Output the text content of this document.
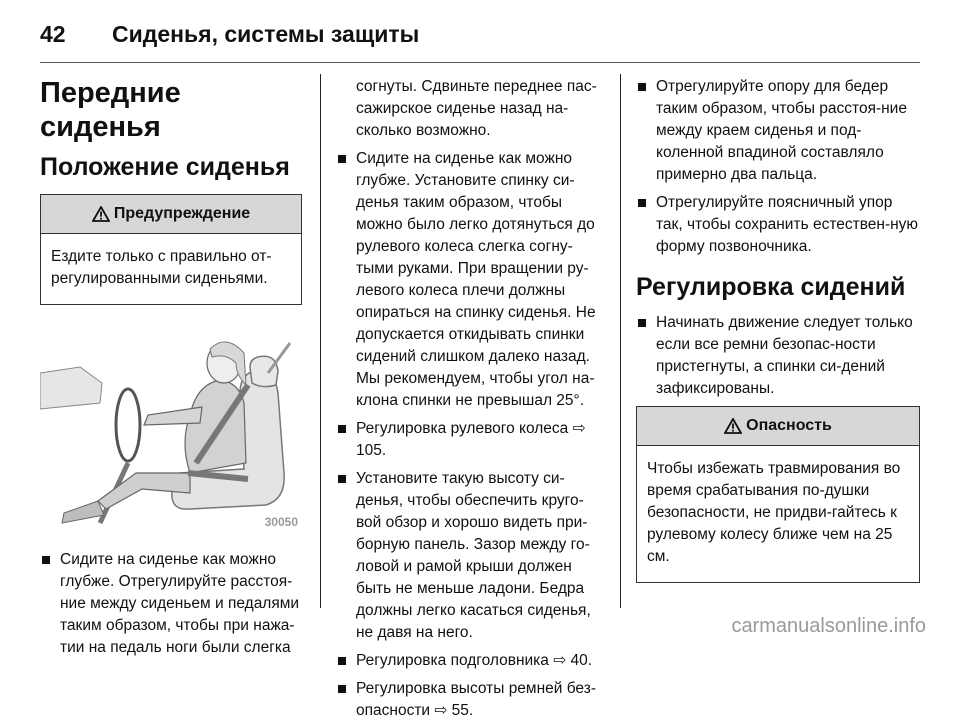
42	Сиденья, системы защиты
Передние сиденья
Положение сиденья
Предупреждение
Ездите только с правильно от-регулированными сиденьями.
30050
Сидите на сиденье как можно глубже. Отрегулируйте расстоя-ние между сиденьем и педалями таким образом, чтобы при нажа-тии на педаль ноги были слегка
согнуты. Сдвиньте переднее пас-сажирское сиденье назад на-сколько возможно.
Сидите на сиденье как можно глубже. Установите спинку си-денья таким образом, чтобы можно было легко дотянуться до рулевого колеса слегка согну-тыми руками. При вращении ру-левого колеса плечи должны опираться на спинку сиденья. Не допускается откидывать спинки сидений слишком далеко назад. Мы рекомендуем, чтобы угол на-клона спинки не превышал 25°.
Регулировка рулевого колеса ⇨ 105.
Установите такую высоту си-денья, чтобы обеспечить круго-вой обзор и хорошо видеть при-борную панель. Зазор между го-ловой и рамой крыши должен быть не меньше ладони. Бедра должны легко касаться сиденья, не давя на него.
Регулировка подголовника ⇨ 40.
Регулировка высоты ремней без-опасности ⇨ 55.
Отрегулируйте опору для бедер таким образом, чтобы расстоя-ние между краем сиденья и под-коленной впадиной составляло примерно два пальца.
Отрегулируйте поясничный упор так, чтобы сохранить естествен-ную форму позвоночника.
Регулировка сидений
Начинать движение следует только если все ремни безопас-ности пристегнуты, а спинки си-дений зафиксированы.
Опасность
Чтобы избежать травмирования во время срабатывания по-душки безопасности, не придви-гайтесь к рулевому колесу ближе чем на 25 см.
carmanualsonline.info
